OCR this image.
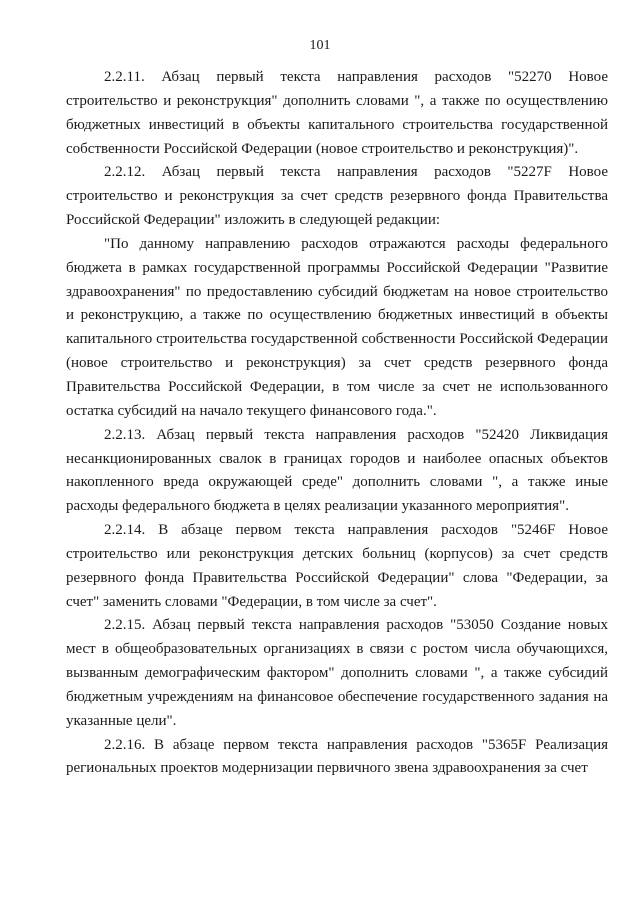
101

2.2.11. Абзац первый текста направления расходов "52270 Новое строительство и реконструкция" дополнить словами ", а также по осуществлению бюджетных инвестиций в объекты капитального строительства государственной собственности Российской Федерации (новое строительство и реконструкция)".

2.2.12. Абзац первый текста направления расходов "5227F Новое строительство и реконструкция за счет средств резервного фонда Правительства Российской Федерации" изложить в следующей редакции:

"По данному направлению расходов отражаются расходы федерального бюджета в рамках государственной программы Российской Федерации "Развитие здравоохранения" по предоставлению субсидий бюджетам на новое строительство и реконструкцию, а также по осуществлению бюджетных инвестиций в объекты капитального строительства государственной собственности Российской Федерации (новое строительство и реконструкция) за счет средств резервного фонда Правительства Российской Федерации, в том числе за счет не использованного остатка субсидий на начало текущего финансового года.".

2.2.13. Абзац первый текста направления расходов "52420 Ликвидация несанкционированных свалок в границах городов и наиболее опасных объектов накопленного вреда окружающей среде" дополнить словами ", а также иные расходы федерального бюджета в целях реализации указанного мероприятия".

2.2.14. В абзаце первом текста направления расходов "5246F Новое строительство или реконструкция детских больниц (корпусов) за счет средств резервного фонда Правительства Российской Федерации" слова "Федерации, за счет" заменить словами "Федерации, в том числе за счет".

2.2.15. Абзац первый текста направления расходов "53050 Создание новых мест в общеобразовательных организациях в связи с ростом числа обучающихся, вызванным демографическим фактором" дополнить словами ", а также субсидий бюджетным учреждениям на финансовое обеспечение государственного задания на указанные цели".

2.2.16. В абзаце первом текста направления расходов "5365F Реализация региональных проектов модернизации первичного звена здравоохранения за счет
